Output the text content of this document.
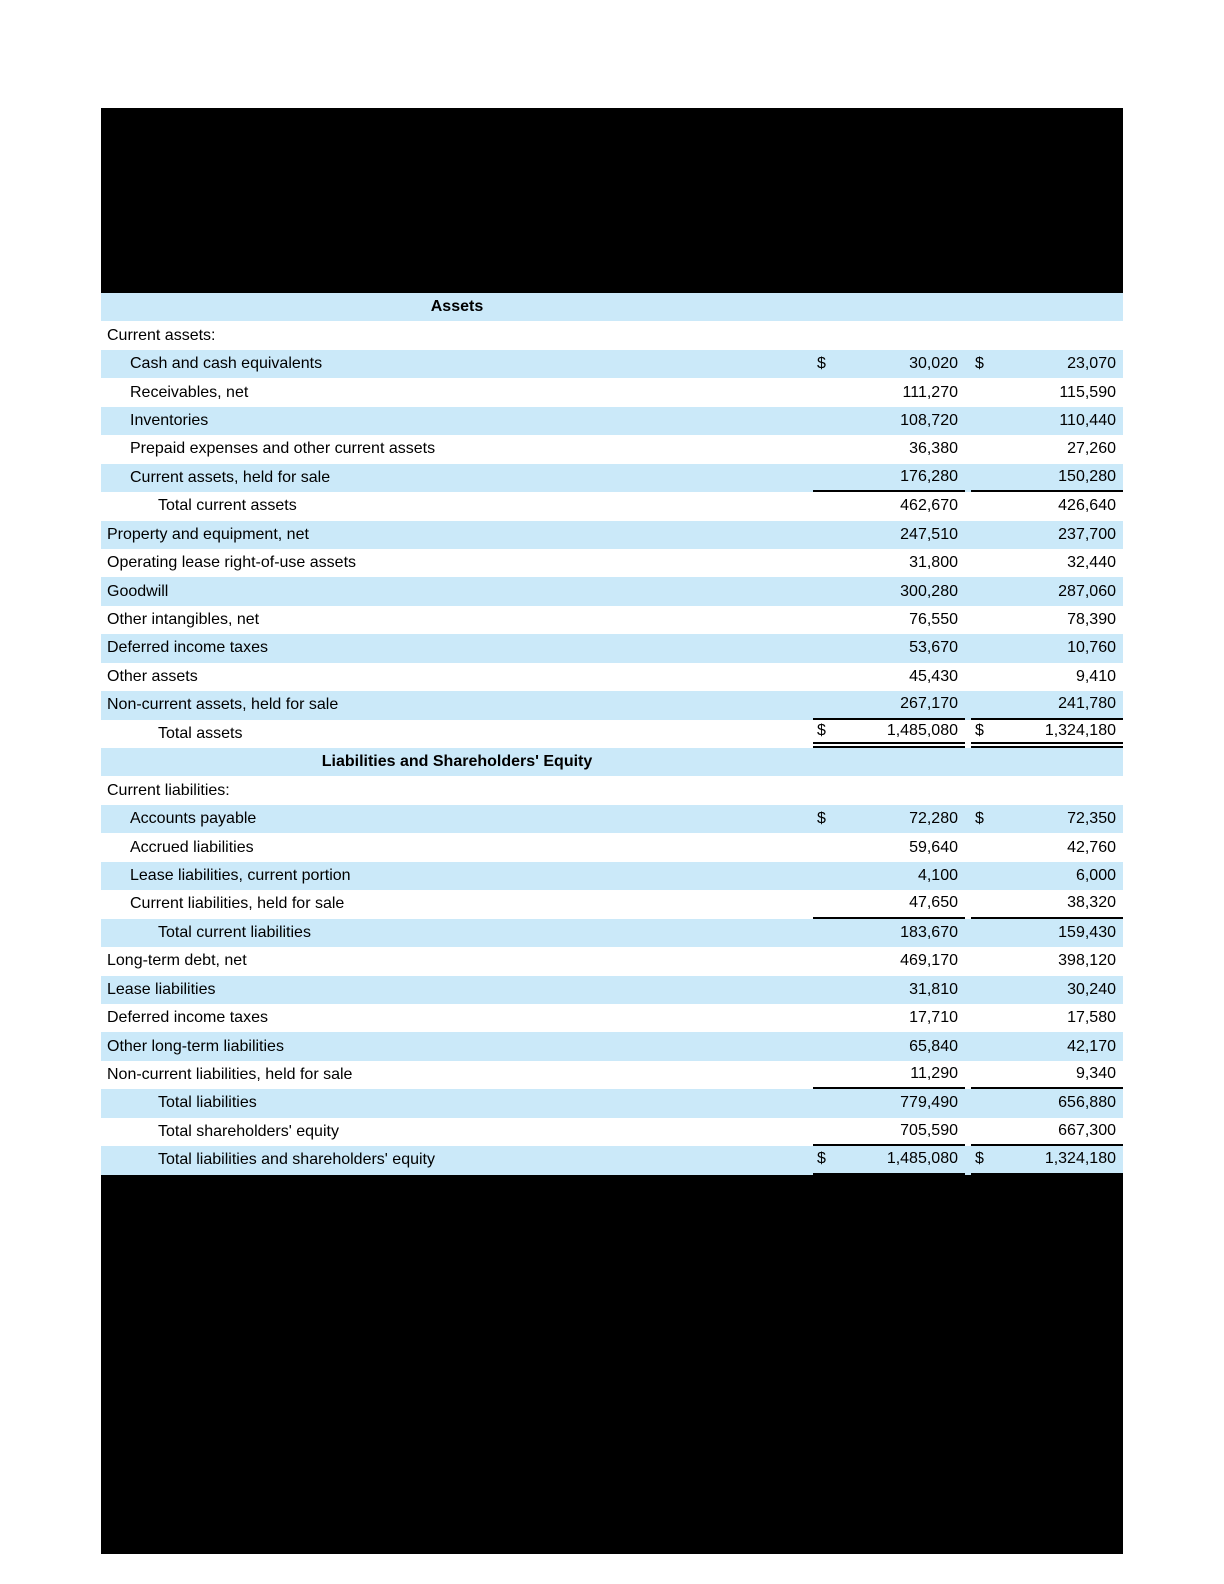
Assets
Current assets:
Cash and cash equivalents	$	30,020	$	23,070
Receivables, net	111,270	115,590
Inventories	108,720	110,440
Prepaid expenses and other current assets	36,380	27,260
Current assets, held for sale	176,280	150,280
Total current assets	462,670	426,640
Property and equipment, net	247,510	237,700
Operating lease right-of-use assets	31,800	32,440
Goodwill	300,280	287,060
Other intangibles, net	76,550	78,390
Deferred income taxes	53,670	10,760
Other assets	45,430	9,410
Non-current assets, held for sale	267,170	241,780
Total assets	$	1,485,080	$	1,324,180
Liabilities and Shareholders' Equity
Current liabilities:
Accounts payable	$	72,280	$	72,350
Accrued liabilities	59,640	42,760
Lease liabilities, current portion	4,100	6,000
Current liabilities, held for sale	47,650	38,320
Total current liabilities	183,670	159,430
Long-term debt, net	469,170	398,120
Lease liabilities	31,810	30,240
Deferred income taxes	17,710	17,580
Other long-term liabilities	65,840	42,170
Non-current liabilities, held for sale	11,290	9,340
Total liabilities	779,490	656,880
Total shareholders' equity	705,590	667,300
Total liabilities and shareholders' equity	$	1,485,080	$	1,324,180
